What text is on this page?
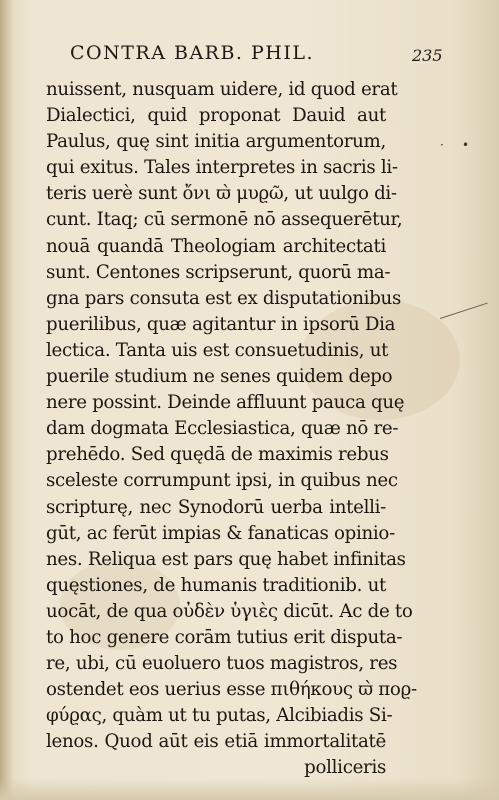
CONTRA BARB. PHIL.	235
•
·
nuissent, nusquam uidere, id quod erat
Dialectici, quid proponat Dauid aut
Paulus, quę sint initia argumentorum,
qui exitus. Tales interpretes in sacris li-
teris uerè sunt ὄνι ϖ̀ μυϱῶ, ut uulgo di-
cunt. Itaq; cū sermonē nō assequerētur,
nouā quandā Theologiam architectati
sunt. Centones scripserunt, quorū ma-
gna pars consuta est ex disputationibus
puerilibus, quæ agitantur in ipsorū Dia
lectica. Tanta uis est consuetudinis, ut
puerile studium ne senes quidem depo
nere possint. Deinde affluunt pauca quę
dam dogmata Ecclesiastica, quæ nō re-
prehēdo. Sed quędā de maximis rebus
sceleste corrumpunt ipsi, in quibus nec
scripturę, nec Synodorū uerba intelli-
gūt, ac ferūt impias & fanaticas opinio-
nes. Reliqua est pars quę habet infinitas
quęstiones, de humanis traditionib. ut
uocāt, de qua οὐδὲν ὑγιὲς dicūt. Ac de to
to hoc genere corām tutius erit disputa-
re, ubi, cū euoluero tuos magistros, res
ostendet eos uerius esse πιθήκους ϖ̀ ποϱ-
φύϱας, quàm ut tu putas, Alcibiadis Si-
lenos. Quod aūt eis etiā immortalitatē
polliceris
